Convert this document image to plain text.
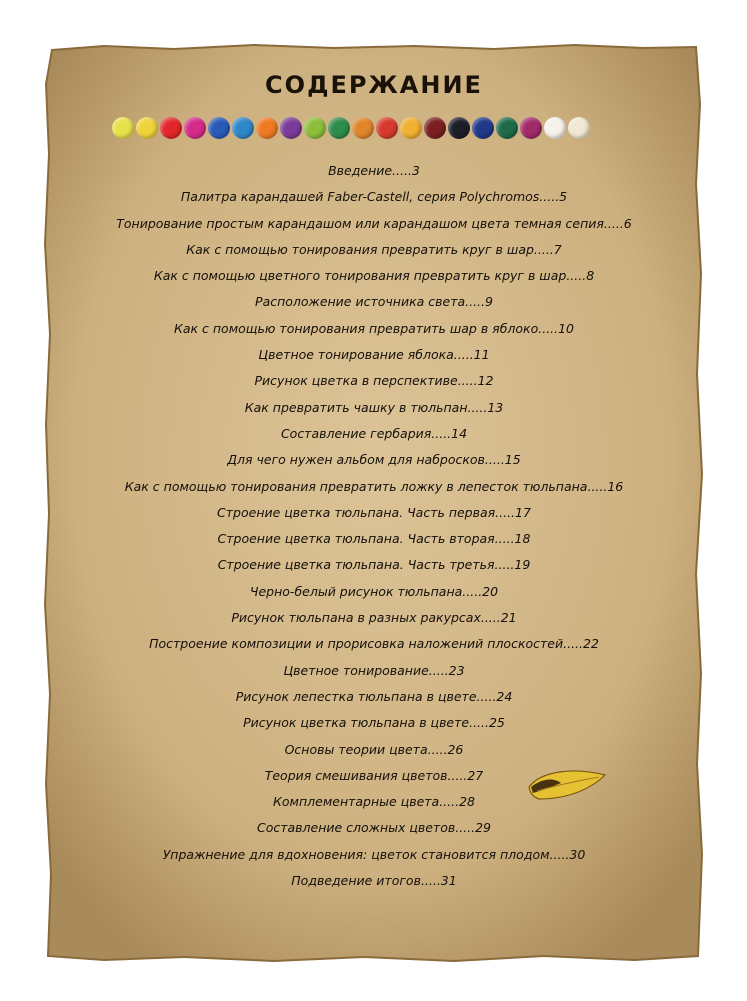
СОДЕРЖАНИЕ
Введение.....3
Палитра карандашей Faber-Castell, серия Polychromos.....5
Тонирование простым карандашом или карандашом цвета темная сепия.....6
Как с помощью тонирования превратить круг в шар.....7
Как с помощью цветного тонирования превратить круг в шар.....8
Расположение источника света.....9
Как с помощью тонирования превратить шар в яблоко.....10
Цветное тонирование яблока.....11
Рисунок цветка в перспективе.....12
Как превратить чашку в тюльпан.....13
Составление гербария.....14
Для чего нужен альбом для набросков.....15
Как с помощью тонирования превратить ложку в лепесток тюльпана.....16
Строение цветка тюльпана. Часть первая.....17
Строение цветка тюльпана. Часть вторая.....18
Строение цветка тюльпана. Часть третья.....19
Черно-белый рисунок тюльпана.....20
Рисунок тюльпана в разных ракурсах.....21
Построение композиции и прорисовка наложений плоскостей.....22
Цветное тонирование.....23
Рисунок лепестка тюльпана в цвете.....24
Рисунок цветка тюльпана в цвете.....25
Основы теории цвета.....26
Теория смешивания цветов.....27
Комплементарные цвета.....28
Составление сложных цветов.....29
Упражнение для вдохновения: цветок становится плодом.....30
Подведение итогов.....31
